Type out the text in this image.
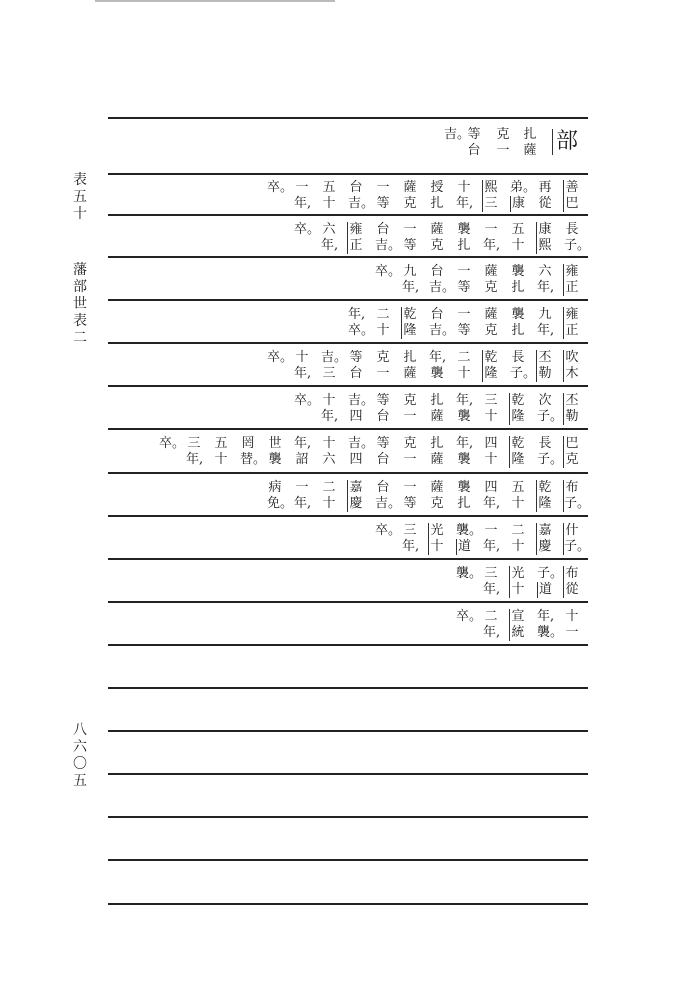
表
五
十
藩
部
世
表
二
八
六
〇
五
部
扎
薩
克
一
等
台
吉。
善
巴
再
從
弟。
康
熙
三
十
年,
授
扎
薩
克
一
等
台
吉。
五
十
一
年,
卒。
長
子。
康
熙
五
十
一
年,
襲
扎
薩
克
一
等
台
吉。
雍
正
六
年,
卒。
雍
正
六
年,
襲
扎
薩
克
一
等
台
吉。
九
年,
卒。
雍
正
九
年,
襲
扎
薩
克
一
等
台
吉。
乾
隆
二
十
年,
卒。
吹
木
丕
勒
長
子。
乾
隆
二
十
年,
襲
扎
薩
克
一
等
台
吉。
三
十
年,
卒。
丕
勒
次
子。
乾
隆
三
十
年,
襲
扎
薩
克
一
等
台
吉。
四
十
年,
卒。
巴
克
長
子。
乾
隆
四
十
年,
襲
扎
薩
克
一
等
台
吉。
四
十
六
年,
詔
世
襲
罔
替。
五
十
三
年,
卒。
布
子。
乾
隆
五
十
四
年,
襲
扎
薩
克
一
等
台
吉。
嘉
慶
二
十
一
年,
病
免。
什
子。
嘉
慶
二
十
一
年,
襲。
道
光
十
三
年,
卒。
布
從
子。
道
光
十
三
年,
襲。
十
一
年,
襲。
宣
統
二
年,
卒。
